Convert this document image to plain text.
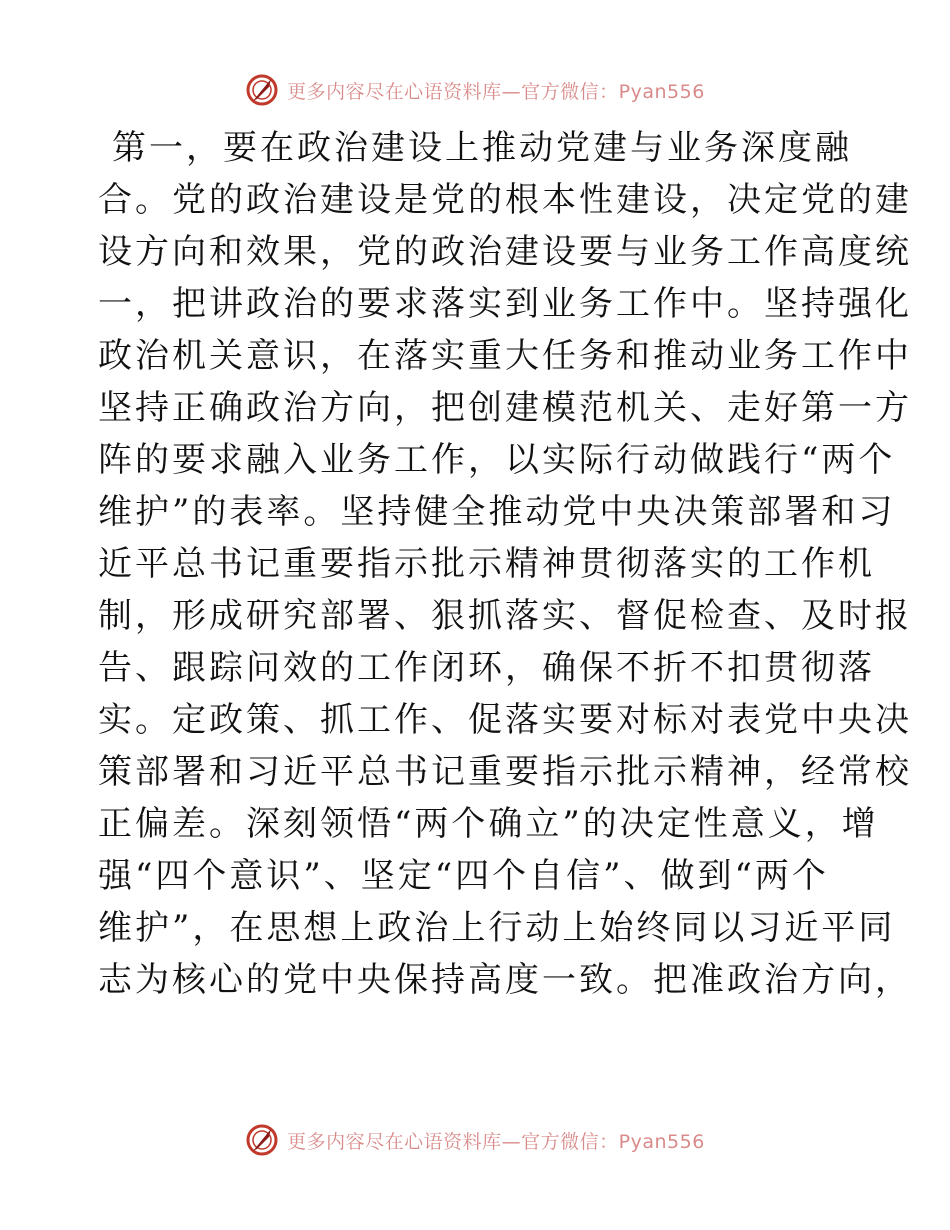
更多内容尽在心语资料库—官方微信：Pyan556
第一，要在政治建设上推动党建与业务深度融
合。党的政治建设是党的根本性建设，决定党的建
设方向和效果，党的政治建设要与业务工作高度统
一，把讲政治的要求落实到业务工作中。坚持强化
政治机关意识，在落实重大任务和推动业务工作中
坚持正确政治方向，把创建模范机关、走好第一方
阵的要求融入业务工作，以实际行动做践行“两个
维护”的表率。坚持健全推动党中央决策部署和习
近平总书记重要指示批示精神贯彻落实的工作机
制，形成研究部署、狠抓落实、督促检查、及时报
告、跟踪问效的工作闭环，确保不折不扣贯彻落
实。定政策、抓工作、促落实要对标对表党中央决
策部署和习近平总书记重要指示批示精神，经常校
正偏差。深刻领悟“两个确立”的决定性意义，增
强“四个意识”、坚定“四个自信”、做到“两个
维护”，在思想上政治上行动上始终同以习近平同
志为核心的党中央保持高度一致。把准政治方向，
更多内容尽在心语资料库—官方微信：Pyan556
